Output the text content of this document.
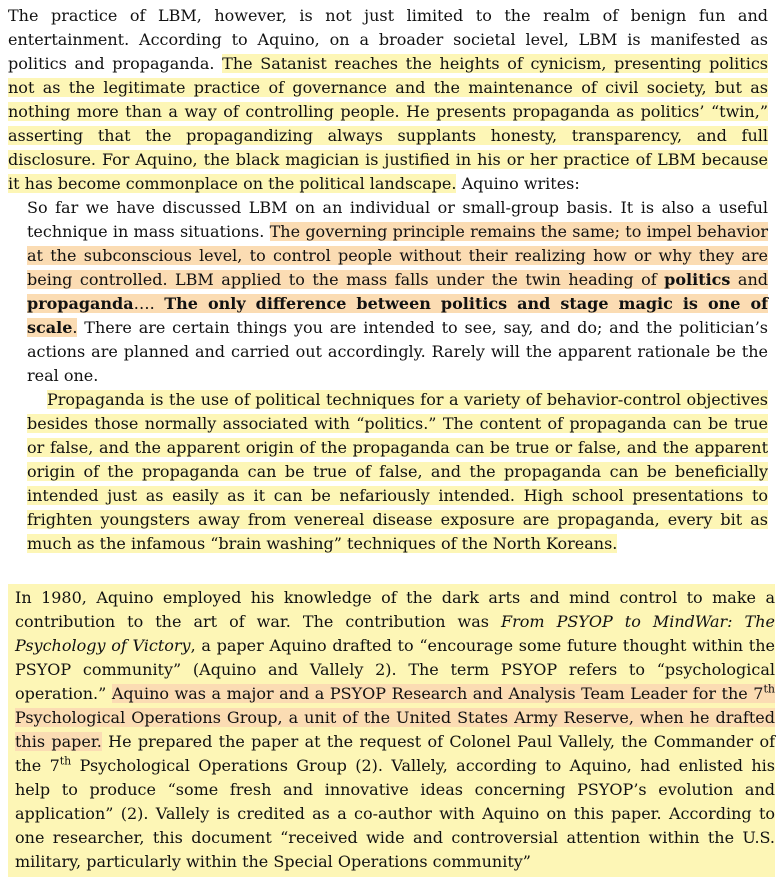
The practice of LBM, however, is not just limited to the realm of benign fun and entertainment. According to Aquino, on a broader societal level, LBM is manifested as politics and propaganda. The Satanist reaches the heights of cynicism, presenting politics not as the legitimate practice of governance and the maintenance of civil society, but as nothing more than a way of controlling people. He presents propaganda as politics’ “twin,” asserting that the propagandizing always supplants honesty, transparency, and full disclosure. For Aquino, the black magician is justified in his or her practice of LBM because it has become commonplace on the political landscape. Aquino writes:

So far we have discussed LBM on an individual or small-group basis. It is also a useful technique in mass situations. The governing principle remains the same; to impel behavior at the subconscious level, to control people without their realizing how or why they are being controlled. LBM applied to the mass falls under the twin heading of politics and propaganda…. The only difference between politics and stage magic is one of scale. There are certain things you are intended to see, say, and do; and the politician’s actions are planned and carried out accordingly. Rarely will the apparent rationale be the real one.

Propaganda is the use of political techniques for a variety of behavior-control objectives besides those normally associated with “politics.” The content of propaganda can be true or false, and the apparent origin of the propaganda can be true or false, and the apparent origin of the propaganda can be true of false, and the propaganda can be beneficially intended just as easily as it can be nefariously intended. High school presentations to frighten youngsters away from venereal disease exposure are propaganda, every bit as much as the infamous “brain washing” techniques of the North Koreans.

In 1980, Aquino employed his knowledge of the dark arts and mind control to make a contribution to the art of war. The contribution was From PSYOP to MindWar: The Psychology of Victory, a paper Aquino drafted to “encourage some future thought within the PSYOP community” (Aquino and Vallely 2). The term PSYOP refers to “psychological operation.” Aquino was a major and a PSYOP Research and Analysis Team Leader for the 7th Psychological Operations Group, a unit of the United States Army Reserve, when he drafted this paper. He prepared the paper at the request of Colonel Paul Vallely, the Commander of the 7th Psychological Operations Group (2). Vallely, according to Aquino, had enlisted his help to produce “some fresh and innovative ideas concerning PSYOP’s evolution and application” (2). Vallely is credited as a co-author with Aquino on this paper. According to one researcher, this document “received wide and controversial attention within the U.S. military, particularly within the Special Operations community”
